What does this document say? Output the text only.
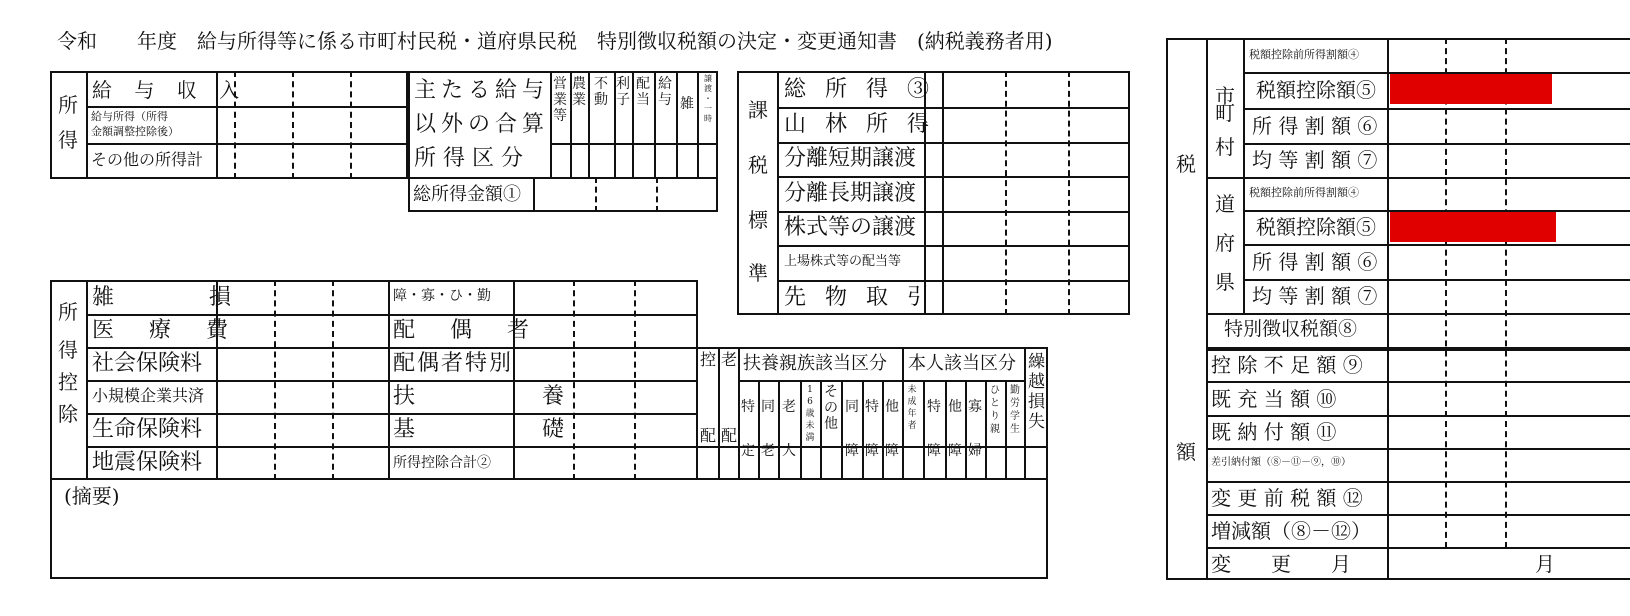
令和　　年度　給与所得等に係る市町村民税・道府県民税　特別徴収税額の決定・変更通知書　(納税義務者用)
所
得
給 与 収 入
給与所得（所得
金額調整控除後）
その他の所得計
主たる給与
以外の合算
所 得 区 分
営
業
等
農
業
不
動
利
子
配
当
給
与 雑
譲
渡
・
一
時
総所得金額①
課
税
標
準
総 所 得 ③
山 林 所 得
分離短期譲渡
分離長期譲渡
株式等の譲渡
上場株式等の配当等
先 物 取 引
所
得
控
除
雑 損
医 療 費
社会保険料
小規模企業共済
生命保険料
地震保険料
障・寡・ひ・勤
配 偶 者
配偶者特別
扶 養
基 礎
所得控除合計②
控 老
配 配
扶養親族該当区分 本人該当区分 繰
越
損
失
特
定
同
老
老
人
1
6
歳
未
満
そ
の
他
同
障
特
障
他
障
未
成
年
者
特
障
他
障
寡
婦
ひ
と
り
親
勤
労
学
生
(摘要)
税
額
市
町
村
道
府
県
税額控除前所得割額④
税額控除額⑤
所 得 割 額 ⑥
均 等 割 額 ⑦
税額控除前所得割額④
税額控除額⑤
所 得 割 額 ⑥
均 等 割 額 ⑦
特別徴収税額⑧
控 除 不 足 額 ⑨
既 充 当 額 ⑩
既 納 付 額 ⑪
差引納付額（⑧－⑪－⑨，⑩）
変 更 前 税 額 ⑫
増減額（⑧－⑫）
変　　更　　月	月
